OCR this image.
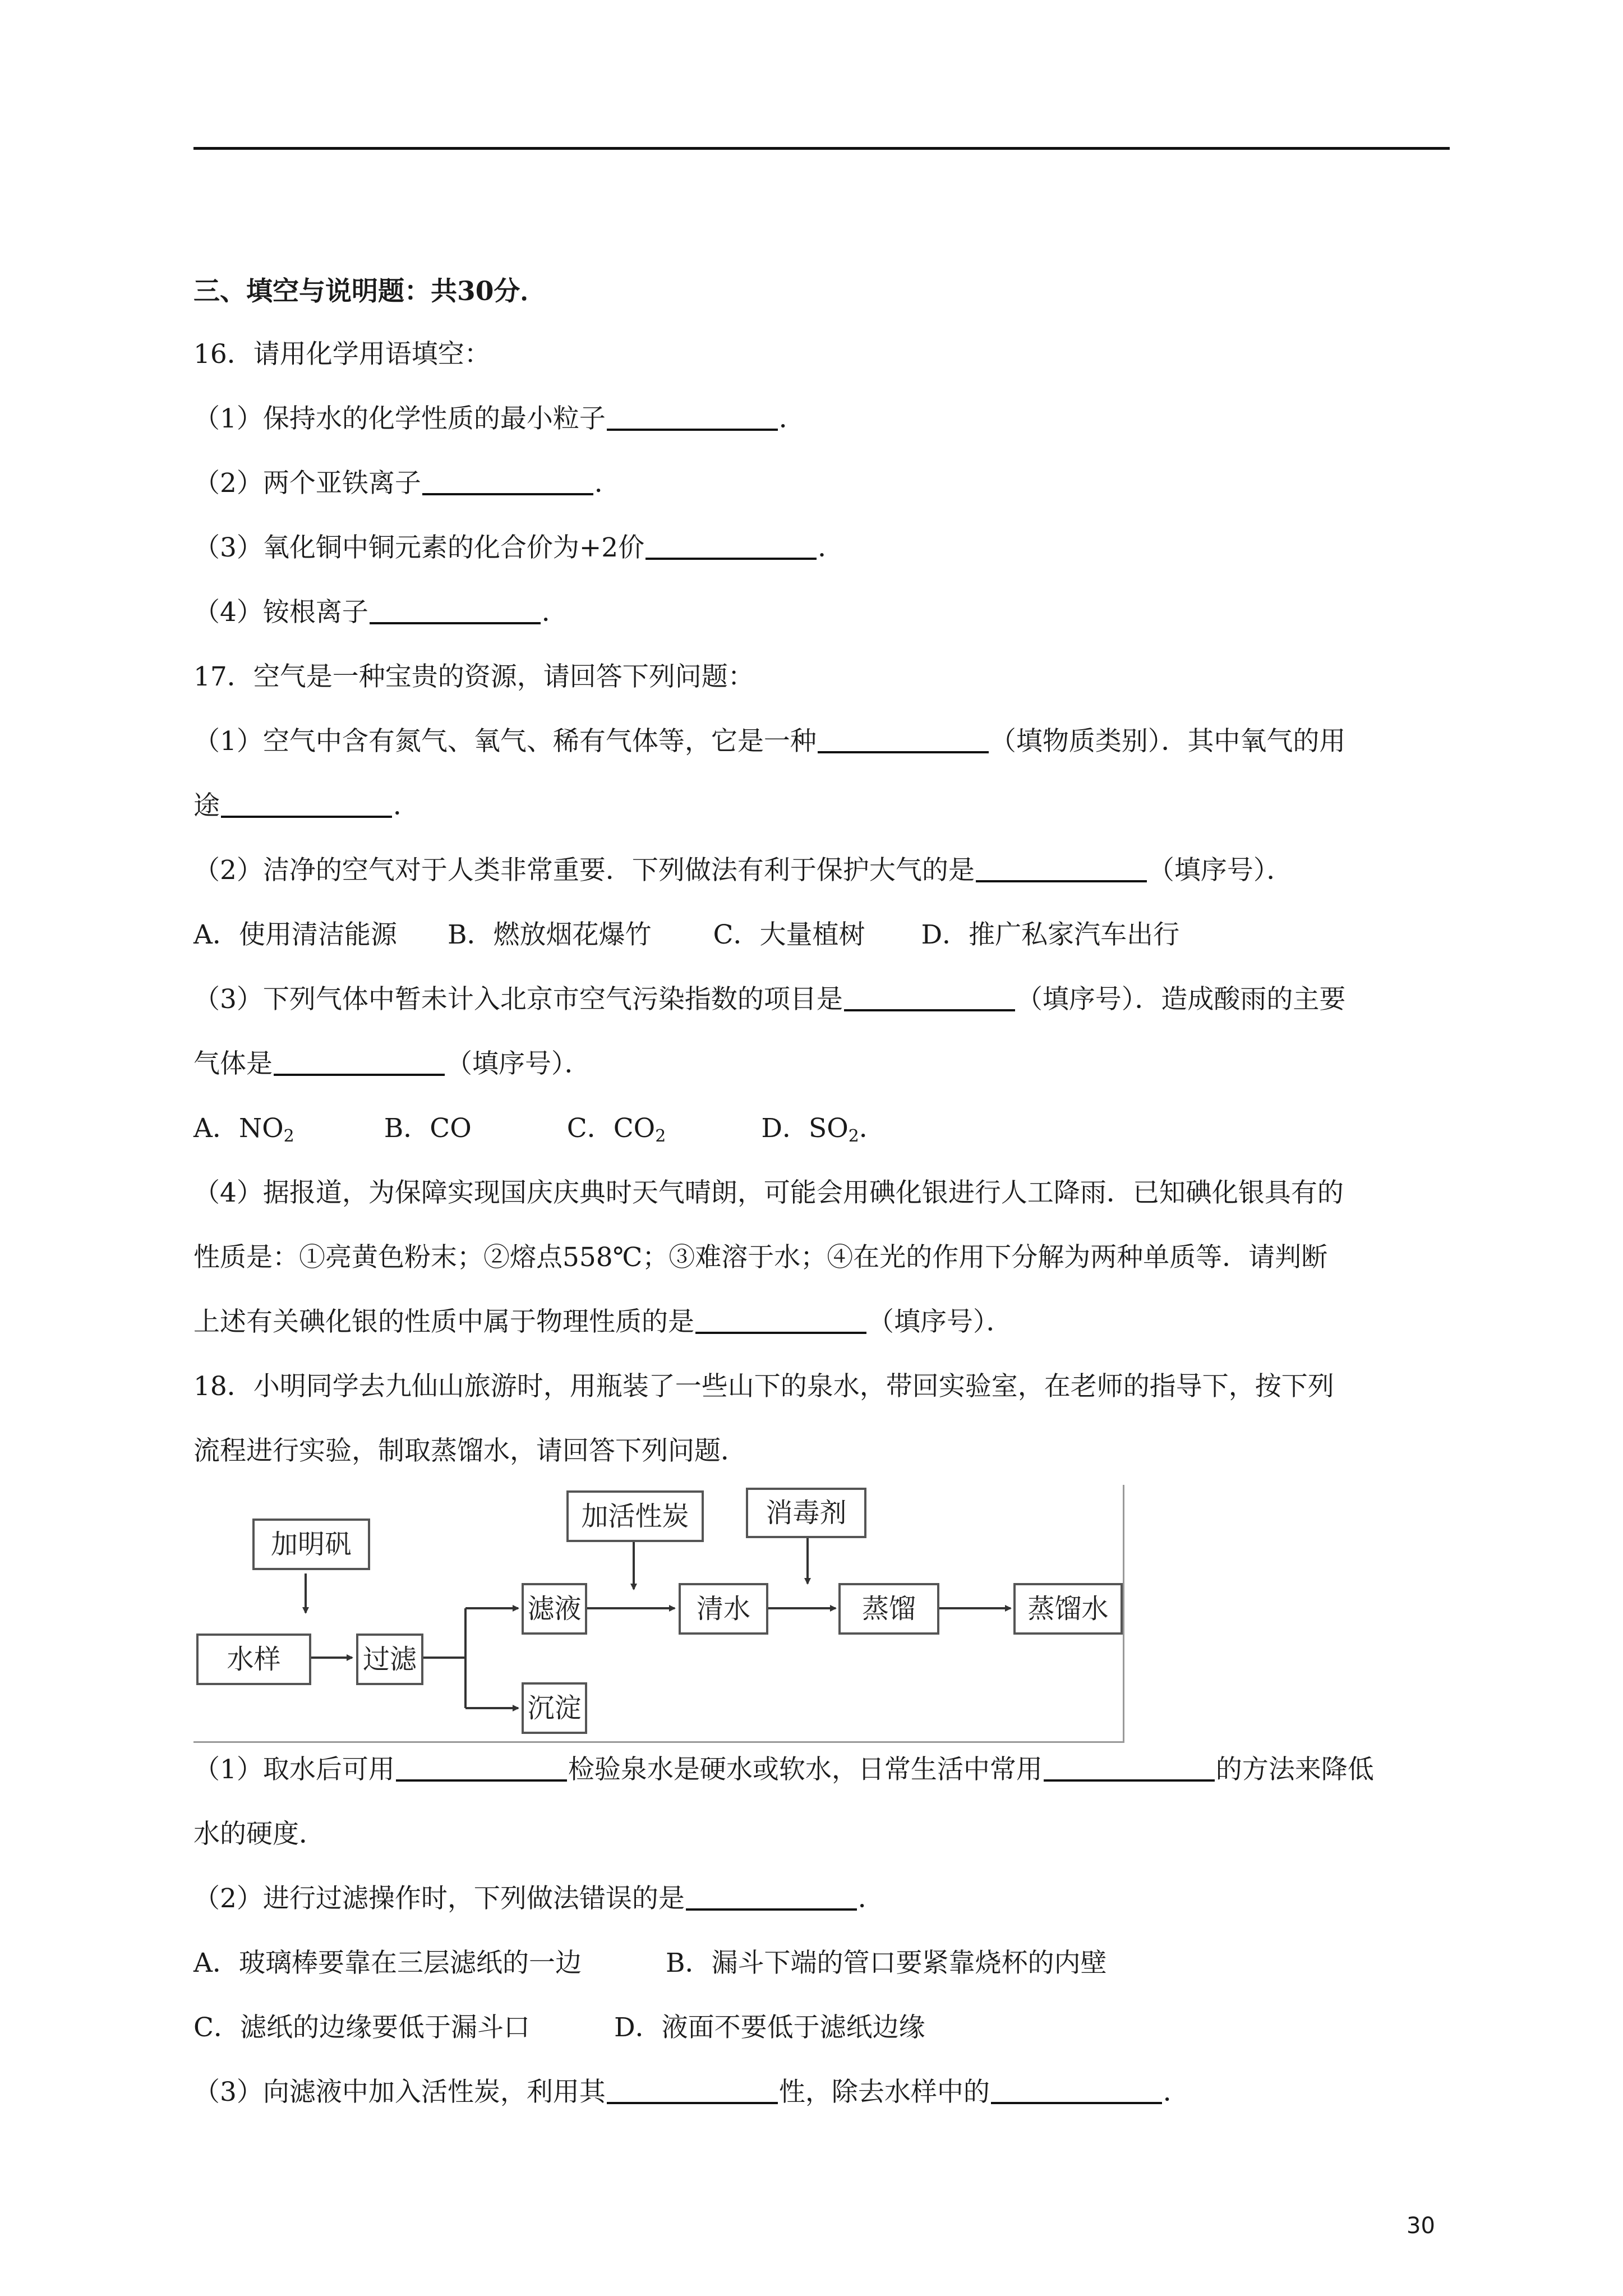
三、填空与说明题：共30分．
16．请用化学用语填空：
（1）保持水的化学性质的最小粒子	．
（2）两个亚铁离子	．
（3）氧化铜中铜元素的化合价为+2价	．
（4）铵根离子	．
17．空气是一种宝贵的资源，请回答下列问题：
（1）空气中含有氮气、氧气、稀有气体等，它是一种	（填物质类别）．其中氧气的用
途	．
（2）洁净的空气对于人类非常重要．下列做法有利于保护大气的是	（填序号）．
A．使用清洁能源 B．燃放烟花爆竹 C．大量植树 D．推广私家汽车出行
（3）下列气体中暂未计入北京市空气污染指数的项目是	（填序号）．造成酸雨的主要
气体是	（填序号）．
A．$NO_2$	B．CO	C．$CO_2$	D．$SO_2$．
（4）据报道，为保障实现国庆庆典时天气晴朗，可能会用碘化银进行人工降雨．已知碘化银具有的
性质是：①亮黄色粉末；②熔点558℃；③难溶于水；④在光的作用下分解为两种单质等．请判断
上述有关碘化银的性质中属于物理性质的是	（填序号）．
18．小明同学去九仙山旅游时，用瓶装了一些山下的泉水，带回实验室，在老师的指导下，按下列
流程进行实验，制取蒸馏水，请回答下列问题．
加明矾
水样	过滤
滤液
沉淀
加活性炭
清水
消毒剂
蒸馏	蒸馏水
（1）取水后可用	检验泉水是硬水或软水，日常生活中常用	的方法来降低
水的硬度．
（2）进行过滤操作时，下列做法错误的是	．
A．玻璃棒要靠在三层滤纸的一边	B．漏斗下端的管口要紧靠烧杯的内壁
C．滤纸的边缘要低于漏斗口	D．液面不要低于滤纸边缘
（3）向滤液中加入活性炭，利用其	性，除去水样中的	．
30
